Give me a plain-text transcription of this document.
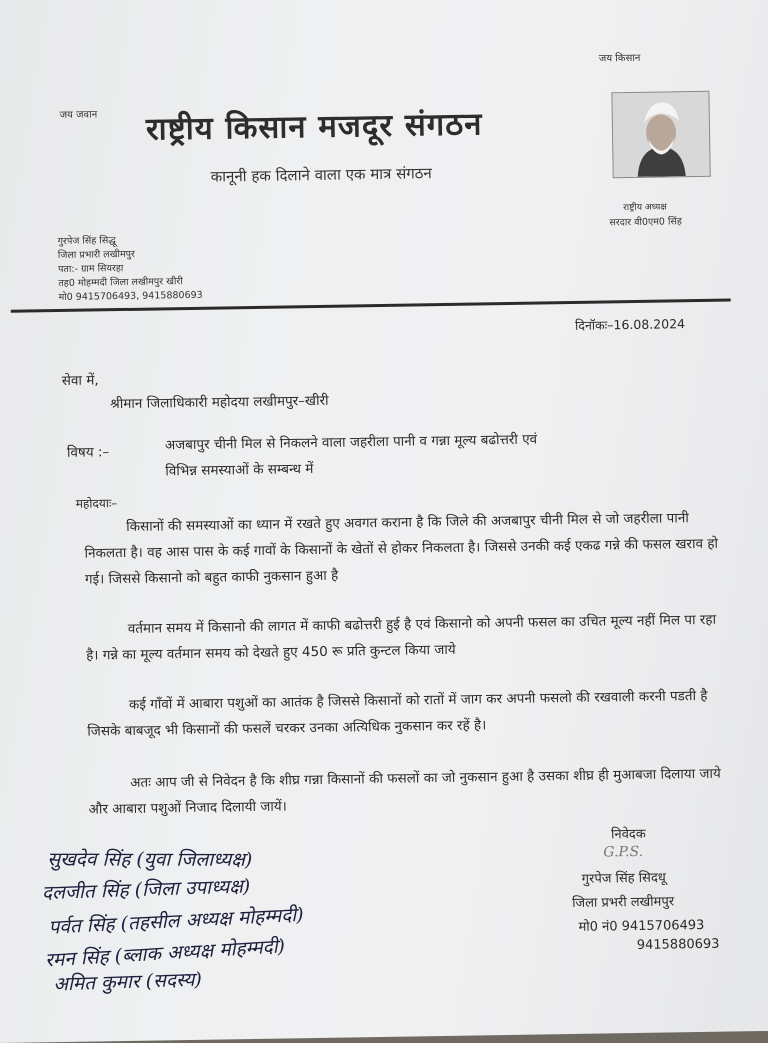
जय जवान
जय किसान
राष्ट्रीय किसान मजदूर संगठन
कानूनी हक दिलाने वाला एक मात्र संगठन
राष्ट्रीय अध्यक्ष
सरदार वी0एम0 सिंह
गुरपेज सिंह सिद्धू
जिला प्रभारी लखीमपुर
पता:- ग्राम सियरहा
तह0 मोहम्मदी जिला लखीमपुर खीरी
मो0 9415706493, 9415880693
दिनॉकः–16.08.2024
सेवा में,
श्रीमान जिलाधिकारी महोदया लखीमपुर–खीरी
विषय :–	अजबापुर चीनी मिल से निकलने वाला जहरीला पानी व गन्ना मूल्य बढोत्तरी एवं
विभिन्न समस्याओं के सम्बन्ध में
महोदयाः–
किसानों की समस्याओं का ध्यान में रखते हुए अवगत कराना है कि जिले की अजबापुर चीनी मिल से जो जहरीला पानी निकलता है। वह आस पास के कई गावों के किसानों के खेतों से होकर निकलता है। जिससे उनकी कई एकढ गन्ने की फसल खराव हो गई। जिससे किसानो को बहुत काफी नुकसान हुआ है
वर्तमान समय में किसानो की लागत में काफी बढोत्तरी हुई है एवं किसानो को अपनी फसल का उचित मूल्य नहीं मिल पा रहा है। गन्ने का मूल्य वर्तमान समय को देखते हुए 450 रू प्रति कुन्टल किया जाये
कई गाँवों में आबारा पशुओं का आतंक है जिससे किसानों को रातों में जाग कर अपनी फसलो की रखवाली करनी पडती है जिसके बाबजूद भी किसानों की फसलें चरकर उनका अत्यिधिक नुकसान कर रहें है।
अतः आप जी से निवेदन है कि शीघ्र गन्ना किसानों की फसलों का जो नुकसान हुआ है उसका शीघ्र ही मुआबजा दिलाया जाये और आबारा पशुओं निजाद दिलायी जायें।
निवेदक
G.P.S.
गुरपेज सिंह सिदधू
जिला प्रभरी लखीमपुर
मो0 नं0 9415706493
9415880693
सुखदेव सिंह (युवा जिलाध्यक्ष)
दलजीत सिंह (जिला उपाध्यक्ष)
पर्वत सिंह (तहसील अध्यक्ष मोहम्मदी)
रमन सिंह (ब्लाक अध्यक्ष मोहम्मदी)
अमित कुमार (सदस्य)
